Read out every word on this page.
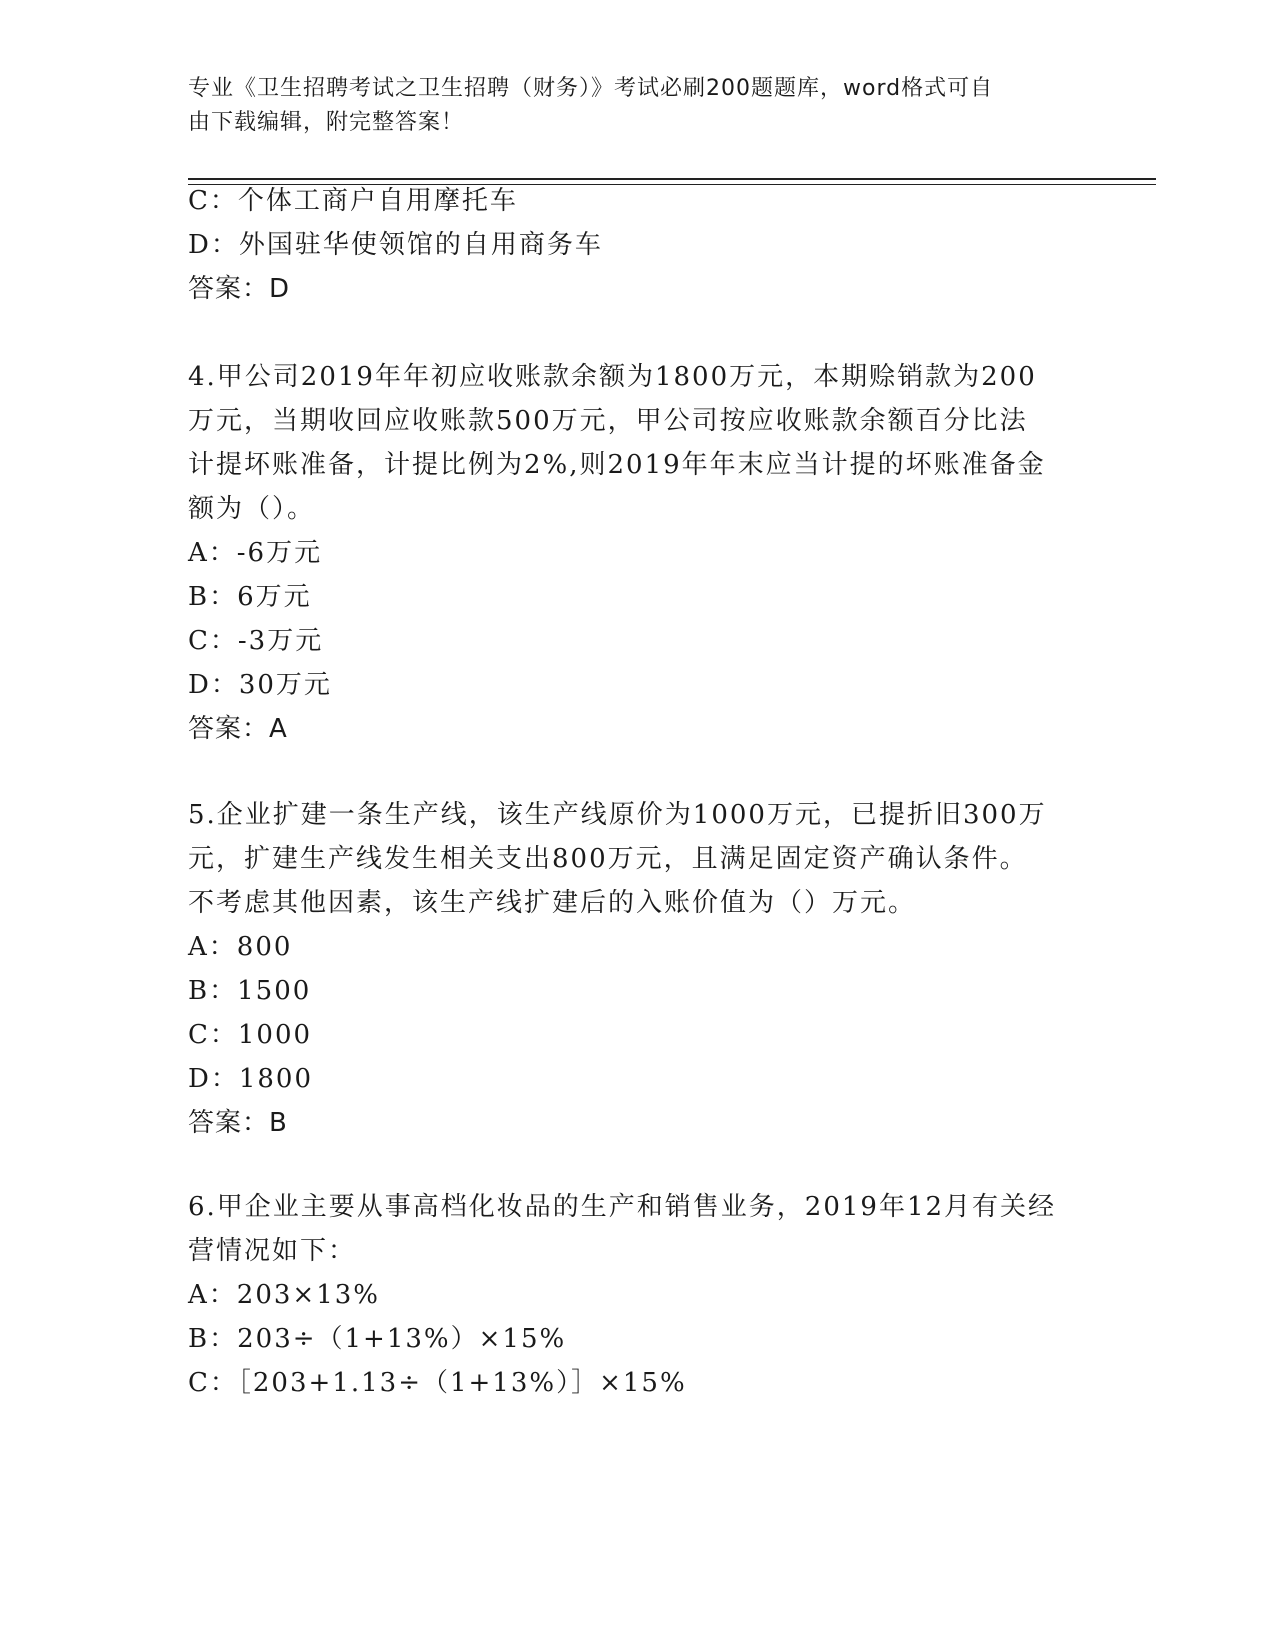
专业《卫生招聘考试之卫生招聘（财务）》考试必刷200题题库，word格式可自
由下载编辑，附完整答案！
C：个体工商户自用摩托车
D：外国驻华使领馆的自用商务车
答案：D
4.甲公司2019年年初应收账款余额为1800万元，本期赊销款为200
万元，当期收回应收账款500万元，甲公司按应收账款余额百分比法
计提坏账准备，计提比例为2%,则2019年年末应当计提的坏账准备金
额为（）。
A：-6万元
B：6万元
C：-3万元
D：30万元
答案：A
5.企业扩建一条生产线，该生产线原价为1000万元，已提折旧300万
元，扩建生产线发生相关支出800万元，且满足固定资产确认条件。
不考虑其他因素，该生产线扩建后的入账价值为（）万元。
A：800
B：1500
C：1000
D：1800
答案：B
6.甲企业主要从事高档化妆品的生产和销售业务，2019年12月有关经
营情况如下：
A：203×13%
B：203÷（1+13%）×15%
C：［203+1.13÷（1+13%）］×15%
